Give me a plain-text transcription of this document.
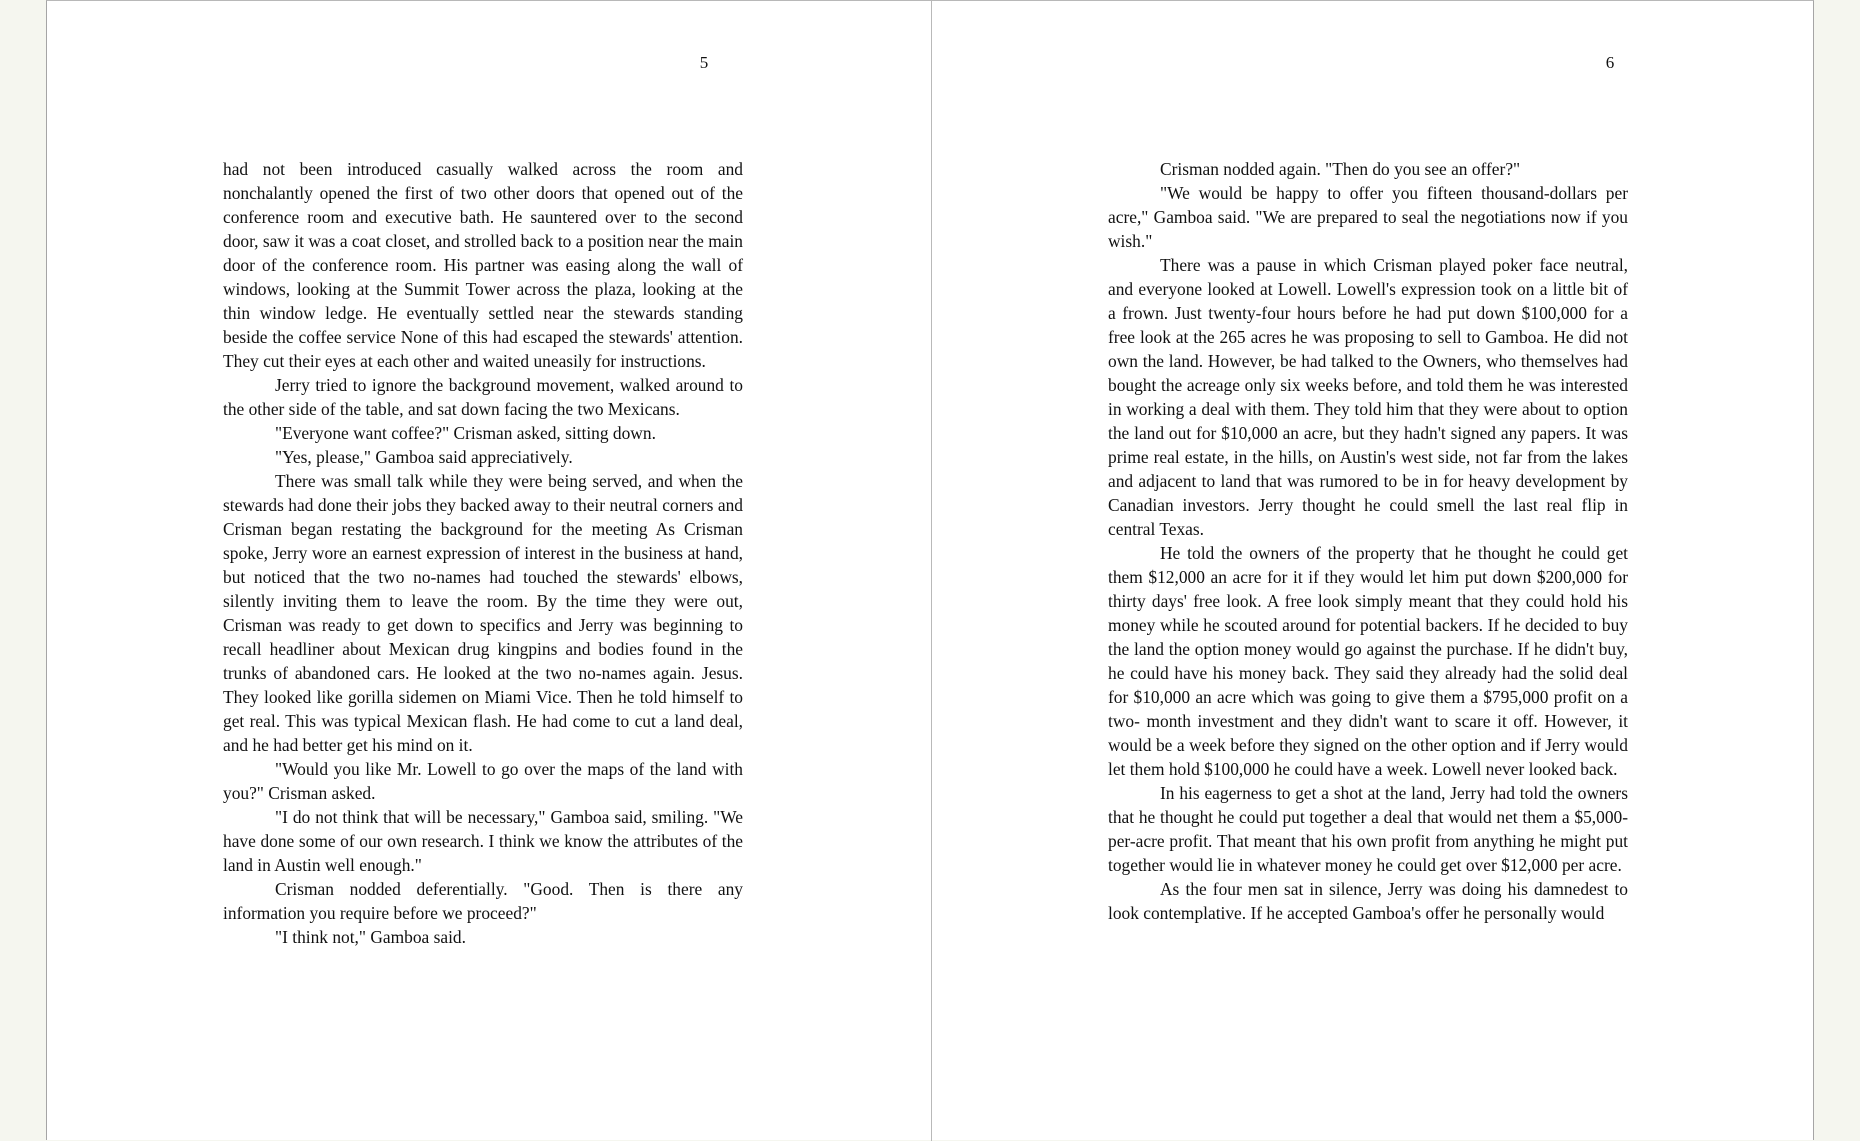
5

had not been introduced casually walked across the room and nonchalantly opened the first of two other doors that opened out of the conference room and executive bath. He sauntered over to the second door, saw it was a coat closet, and strolled back to a position near the main door of the conference room. His partner was easing along the wall of windows, looking at the Summit Tower across the plaza, looking at the thin window ledge. He eventually settled near the stewards standing beside the coffee service None of this had escaped the stewards' attention. They cut their eyes at each other and waited uneasily for instructions.

Jerry tried to ignore the background movement, walked around to the other side of the table, and sat down facing the two Mexicans.

"Everyone want coffee?" Crisman asked, sitting down.

"Yes, please," Gamboa said appreciatively.

There was small talk while they were being served, and when the stewards had done their jobs they backed away to their neutral corners and Crisman began restating the background for the meeting As Crisman spoke, Jerry wore an earnest expression of interest in the business at hand, but noticed that the two no-names had touched the stewards' elbows, silently inviting them to leave the room. By the time they were out, Crisman was ready to get down to specifics and Jerry was beginning to recall headliner about Mexican drug kingpins and bodies found in the trunks of abandoned cars. He looked at the two no-names again. Jesus. They looked like gorilla sidemen on Miami Vice. Then he told himself to get real. This was typical Mexican flash. He had come to cut a land deal, and he had better get his mind on it.

"Would you like Mr. Lowell to go over the maps of the land with you?" Crisman asked.

"I do not think that will be necessary," Gamboa said, smiling. "We have done some of our own research. I think we know the attributes of the land in Austin well enough."

Crisman nodded deferentially. "Good. Then is there any information you require before we proceed?"

"I think not," Gamboa said.

6

Crisman nodded again. "Then do you see an offer?"

"We would be happy to offer you fifteen thousand-dollars per acre," Gamboa said. "We are prepared to seal the negotiations now if you wish."

There was a pause in which Crisman played poker face neutral, and everyone looked at Lowell. Lowell's expression took on a little bit of a frown. Just twenty-four hours before he had put down $100,000 for a free look at the 265 acres he was proposing to sell to Gamboa. He did not own the land. However, be had talked to the Owners, who themselves had bought the acreage only six weeks before, and told them he was interested in working a deal with them. They told him that they were about to option the land out for $10,000 an acre, but they hadn't signed any papers. It was prime real estate, in the hills, on Austin's west side, not far from the lakes and adjacent to land that was rumored to be in for heavy development by Canadian investors. Jerry thought he could smell the last real flip in central Texas.

He told the owners of the property that he thought he could get them $12,000 an acre for it if they would let him put down $200,000 for thirty days' free look. A free look simply meant that they could hold his money while he scouted around for potential backers. If he decided to buy the land the option money would go against the purchase. If he didn't buy, he could have his money back. They said they already had the solid deal for $10,000 an acre which was going to give them a $795,000 profit on a two- month investment and they didn't want to scare it off. However, it would be a week before they signed on the other option and if Jerry would let them hold $100,000 he could have a week. Lowell never looked back.

In his eagerness to get a shot at the land, Jerry had told the owners that he thought he could put together a deal that would net them a $5,000-per-acre profit. That meant that his own profit from anything he might put together would lie in whatever money he could get over $12,000 per acre.

As the four men sat in silence, Jerry was doing his damnedest to look contemplative. If he accepted Gamboa's offer he personally would
